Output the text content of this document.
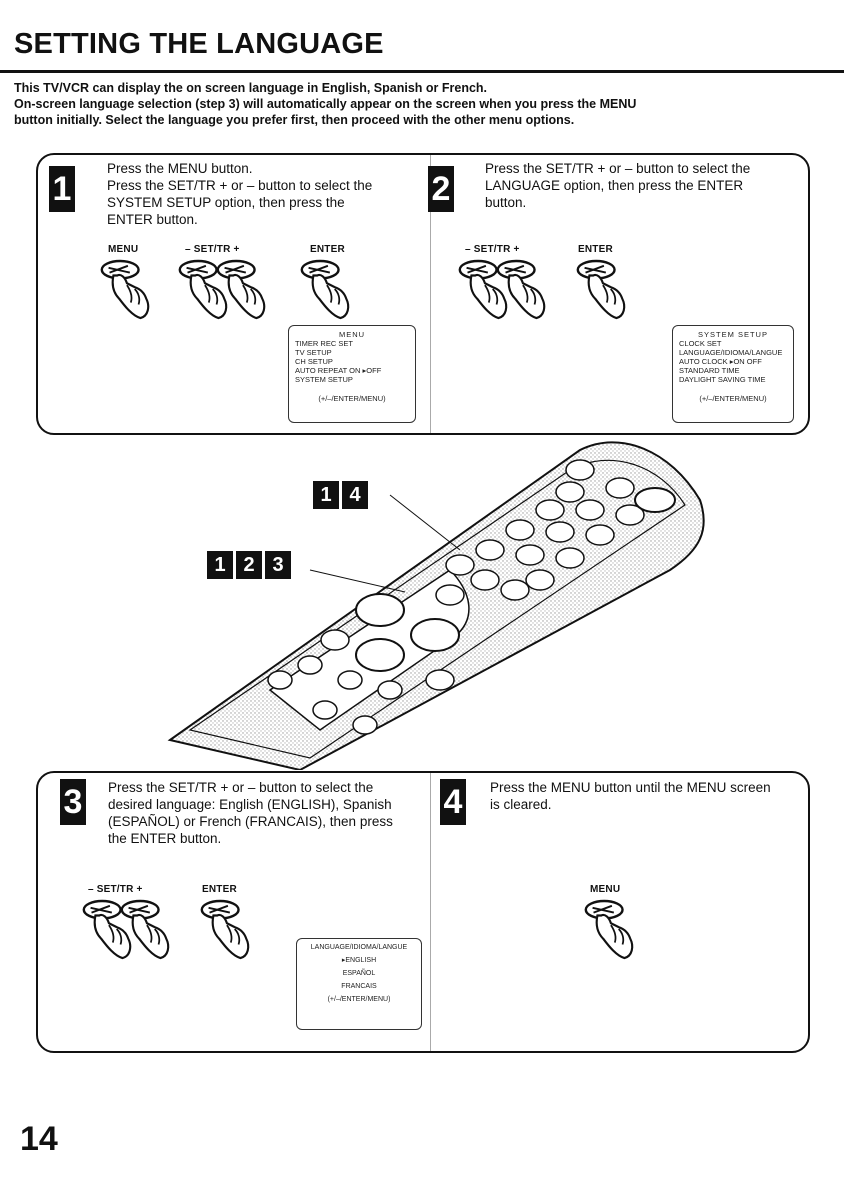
SETTING THE LANGUAGE
This TV/VCR can display the on screen language in English, Spanish or French.
On-screen language selection (step 3) will automatically appear on the screen when you press the MENU
button initially. Select the language you prefer first, then proceed with the other menu options.
1
Press the MENU button.
Press the SET/TR + or – button to select the
SYSTEM SETUP option, then press the
ENTER button.
MENU	– SET/TR +	ENTER
MENU
TIMER REC SET
TV SETUP
CH SETUP
AUTO REPEAT ON ▸OFF
SYSTEM SETUP
(+/–/ENTER/MENU)
2
Press the SET/TR + or – button to select the
LANGUAGE option, then press the ENTER
button.
– SET/TR +	ENTER
SYSTEM SETUP
CLOCK SET
LANGUAGE/IDIOMA/LANGUE
AUTO CLOCK ▸ON OFF
STANDARD TIME
DAYLIGHT SAVING TIME
(+/–/ENTER/MENU)
1 4
1 2 3
3 Press the SET/TR + or – button to select the
desired language: English (ENGLISH), Spanish
(ESPAÑOL) or French (FRANCAIS), then press
the ENTER button.
– SET/TR +	ENTER
LANGUAGE/IDIOMA/LANGUE
▸ENGLISH
ESPAÑOL
FRANCAIS
(+/–/ENTER/MENU)
4 Press the MENU button until the MENU screen
is cleared.
MENU
14
